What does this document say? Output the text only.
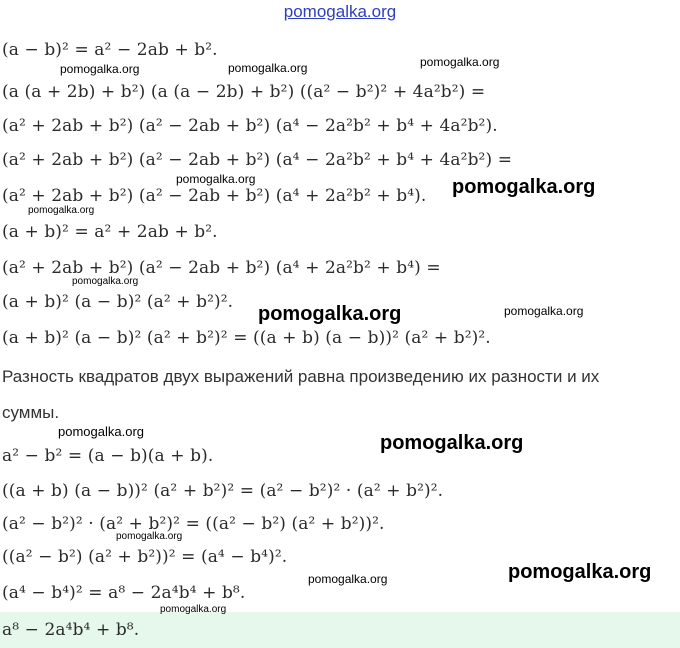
pomogalka.org
(a − b)² = a² − 2ab + b².
(a (a + 2b) + b²) (a (a − 2b) + b²) ((a² − b²)² + 4a²b²) =
(a² + 2ab + b²) (a² − 2ab + b²) (a⁴ − 2a²b² + b⁴ + 4a²b²).
(a² + 2ab + b²) (a² − 2ab + b²) (a⁴ − 2a²b² + b⁴ + 4a²b²) =
(a² + 2ab + b²) (a² − 2ab + b²) (a⁴ + 2a²b² + b⁴).
(a + b)² = a² + 2ab + b².
(a² + 2ab + b²) (a² − 2ab + b²) (a⁴ + 2a²b² + b⁴) =
(a + b)² (a − b)² (a² + b²)².
(a + b)² (a − b)² (a² + b²)² = ((a + b) (a − b))² (a² + b²)².
Разность квадратов двух выражений равна произведению их разности и их
суммы.
a² − b² = (a − b)(a + b).
((a + b) (a − b))² (a² + b²)² = (a² − b²)² · (a² + b²)².
(a² − b²)² · (a² + b²)² = ((a² − b²) (a² + b²))².
((a² − b²) (a² + b²))² = (a⁴ − b⁴)².
(a⁴ − b⁴)² = a⁸ − 2a⁴b⁴ + b⁸.
a⁸ − 2a⁴b⁴ + b⁸.
pomogalka.org	pomogalka.org	pomogalka.org
pomogalka.org	pomogalka.org
pomogalka.org
pomogalka.org
pomogalka.org	pomogalka.org
pomogalka.org
pomogalka.org
pomogalka.org
pomogalka.org
pomogalka.org
pomogalka.org
